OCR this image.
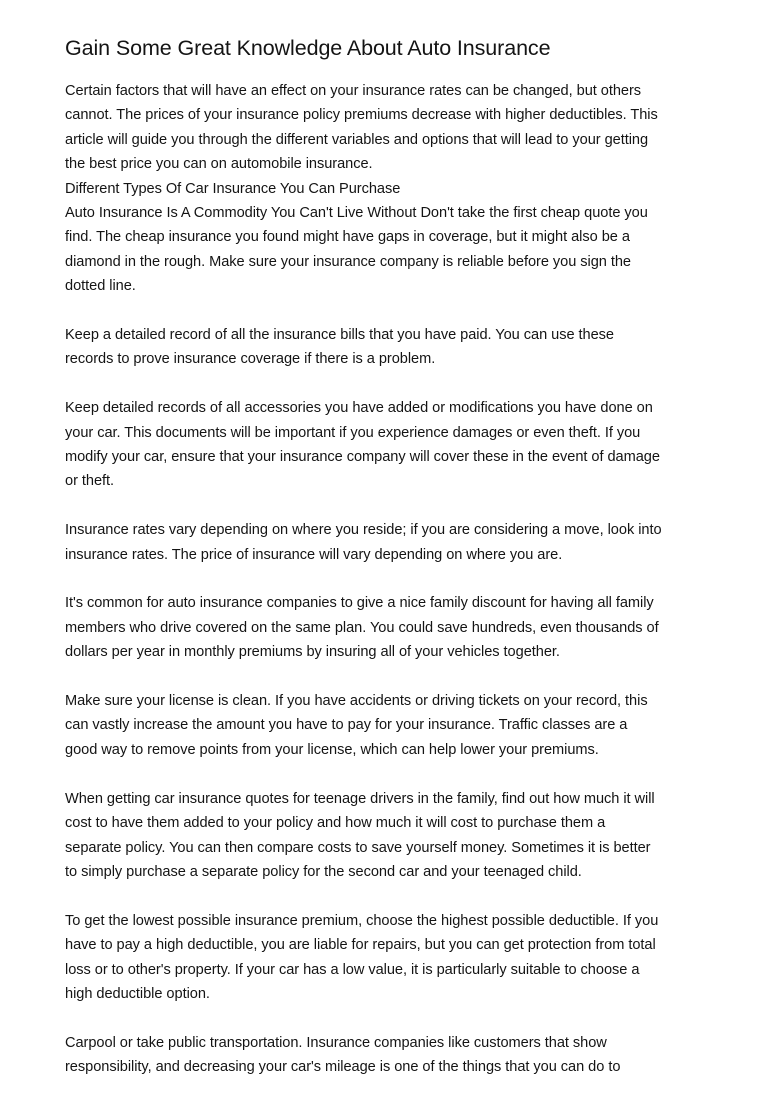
Gain Some Great Knowledge About Auto Insurance

Certain factors that will have an effect on your insurance rates can be changed, but others
cannot. The prices of your insurance policy premiums decrease with higher deductibles. This
article will guide you through the different variables and options that will lead to your getting
the best price you can on automobile insurance.

Different Types Of Car Insurance You Can Purchase

Auto Insurance Is A Commodity You Can't Live Without Don't take the first cheap quote you
find. The cheap insurance you found might have gaps in coverage, but it might also be a
diamond in the rough. Make sure your insurance company is reliable before you sign the
dotted line.

Keep a detailed record of all the insurance bills that you have paid. You can use these
records to prove insurance coverage if there is a problem.

Keep detailed records of all accessories you have added or modifications you have done on
your car. This documents will be important if you experience damages or even theft. If you
modify your car, ensure that your insurance company will cover these in the event of damage
or theft.

Insurance rates vary depending on where you reside; if you are considering a move, look into
insurance rates. The price of insurance will vary depending on where you are.

It's common for auto insurance companies to give a nice family discount for having all family
members who drive covered on the same plan. You could save hundreds, even thousands of
dollars per year in monthly premiums by insuring all of your vehicles together.

Make sure your license is clean. If you have accidents or driving tickets on your record, this
can vastly increase the amount you have to pay for your insurance. Traffic classes are a
good way to remove points from your license, which can help lower your premiums.

When getting car insurance quotes for teenage drivers in the family, find out how much it will
cost to have them added to your policy and how much it will cost to purchase them a
separate policy. You can then compare costs to save yourself money. Sometimes it is better
to simply purchase a separate policy for the second car and your teenaged child.

To get the lowest possible insurance premium, choose the highest possible deductible. If you
have to pay a high deductible, you are liable for repairs, but you can get protection from total
loss or to other's property. If your car has a low value, it is particularly suitable to choose a
high deductible option.

Carpool or take public transportation. Insurance companies like customers that show
responsibility, and decreasing your car's mileage is one of the things that you can do to
